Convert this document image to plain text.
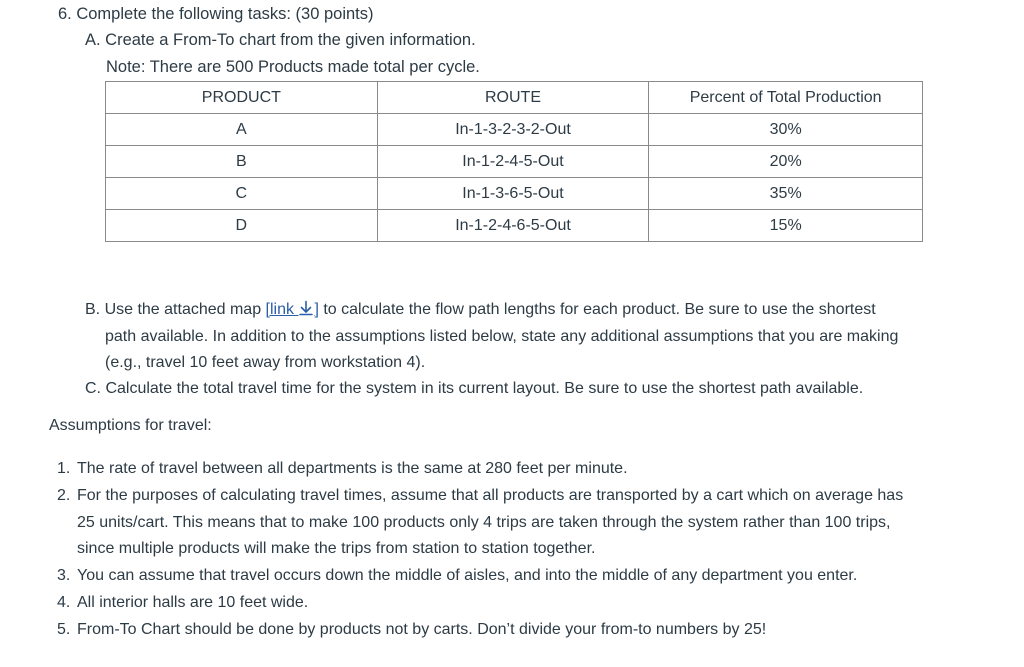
6. Complete the following tasks: (30 points)
A. Create a From-To chart from the given information.
Note: There are 500 Products made total per cycle.
PRODUCT	ROUTE	Percent of Total Production
A	In-1-3-2-3-2-Out	30%
B	In-1-2-4-5-Out	20%
C	In-1-3-6-5-Out	35%
D	In-1-2-4-6-5-Out	15%
B. Use the attached map [link ] to calculate the flow path lengths for each product. Be sure to use the shortest
path available. In addition to the assumptions listed below, state any additional assumptions that you are making
(e.g., travel 10 feet away from workstation 4).
C. Calculate the total travel time for the system in its current layout. Be sure to use the shortest path available.
Assumptions for travel:
1. The rate of travel between all departments is the same at 280 feet per minute.
2. For the purposes of calculating travel times, assume that all products are transported by a cart which on average has
25 units/cart. This means that to make 100 products only 4 trips are taken through the system rather than 100 trips,
since multiple products will make the trips from station to station together.
3. You can assume that travel occurs down the middle of aisles, and into the middle of any department you enter.
4. All interior halls are 10 feet wide.
5. From-To Chart should be done by products not by carts. Don’t divide your from-to numbers by 25!
